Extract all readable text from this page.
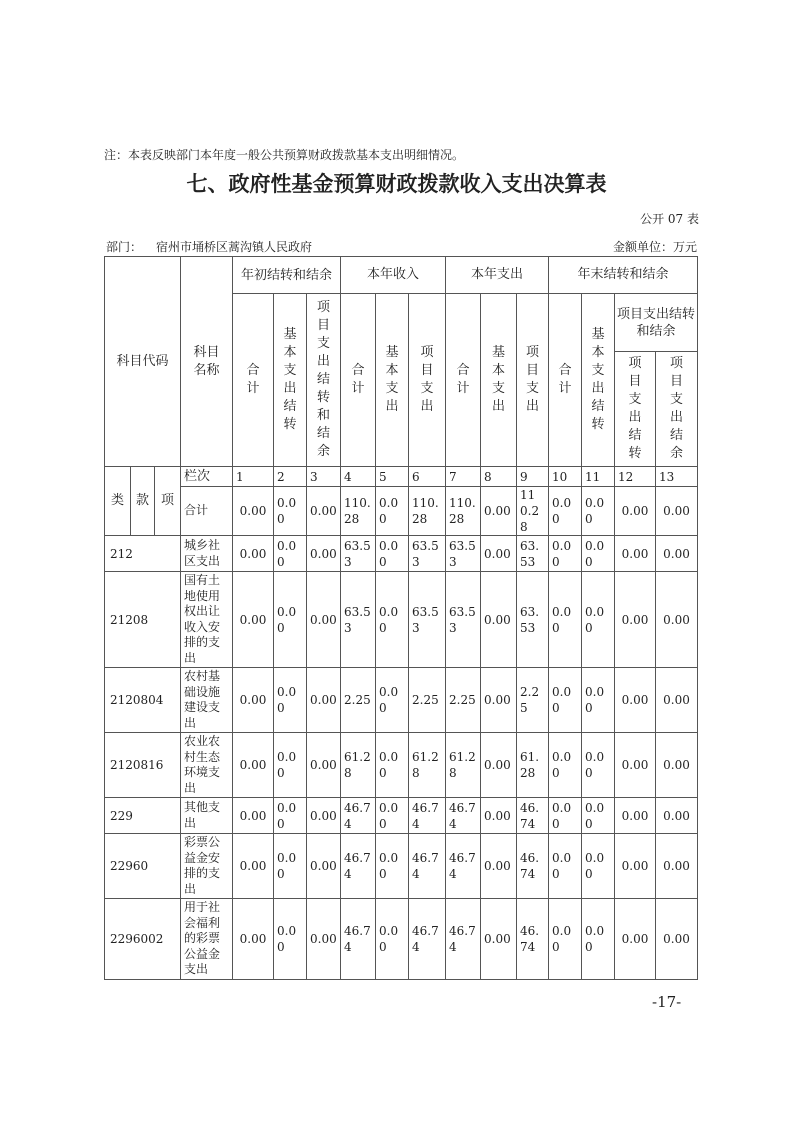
注：本表反映部门本年度一般公共预算财政拨款基本支出明细情况。
七、政府性基金预算财政拨款收入支出决算表
公开 07 表
部门： 宿州市埇桥区蒿沟镇人民政府	金额单位：万元
科目代码			科目名称	年初结转和结余			本年收入			本年支出			年末结转和结余			
				合计	基本支出结转	项目支出结转和结余	合计	基本支出	项目支出	合计	基本支出	项目支出	合计	基本支出结转	项目支出结转和结余	
															项目支出结转	项目支出结余
类	款	项	栏次	1	2	3	4	5	6	7	8	9	10	11	12	13
			合计	0.00	0.00	0.00	110.28	0.00	110.28	110.28	0.00	110.28	0.00	0.00	0.00	0.00
212			城乡社区支出	0.00	0.00	0.00	63.53	0.00	63.53	63.53	0.00	63.53	0.00	0.00	0.00	0.00
21208			国有土地使用权出让收入安排的支出	0.00	0.00	0.00	63.53	0.00	63.53	63.53	0.00	63.53	0.00	0.00	0.00	0.00
2120804			农村基础设施建设支出	0.00	0.00	0.00	2.25	0.00	2.25	2.25	0.00	2.25	0.00	0.00	0.00	0.00
2120816			农业农村生态环境支出	0.00	0.00	0.00	61.28	0.00	61.28	61.28	0.00	61.28	0.00	0.00	0.00	0.00
229			其他支出	0.00	0.00	0.00	46.74	0.00	46.74	46.74	0.00	46.74	0.00	0.00	0.00	0.00
22960			彩票公益金安排的支出	0.00	0.00	0.00	46.74	0.00	46.74	46.74	0.00	46.74	0.00	0.00	0.00	0.00
2296002			用于社会福利的彩票公益金支出	0.00	0.00	0.00	46.74	0.00	46.74	46.74	0.00	46.74	0.00	0.00	0.00	0.00
-17-
